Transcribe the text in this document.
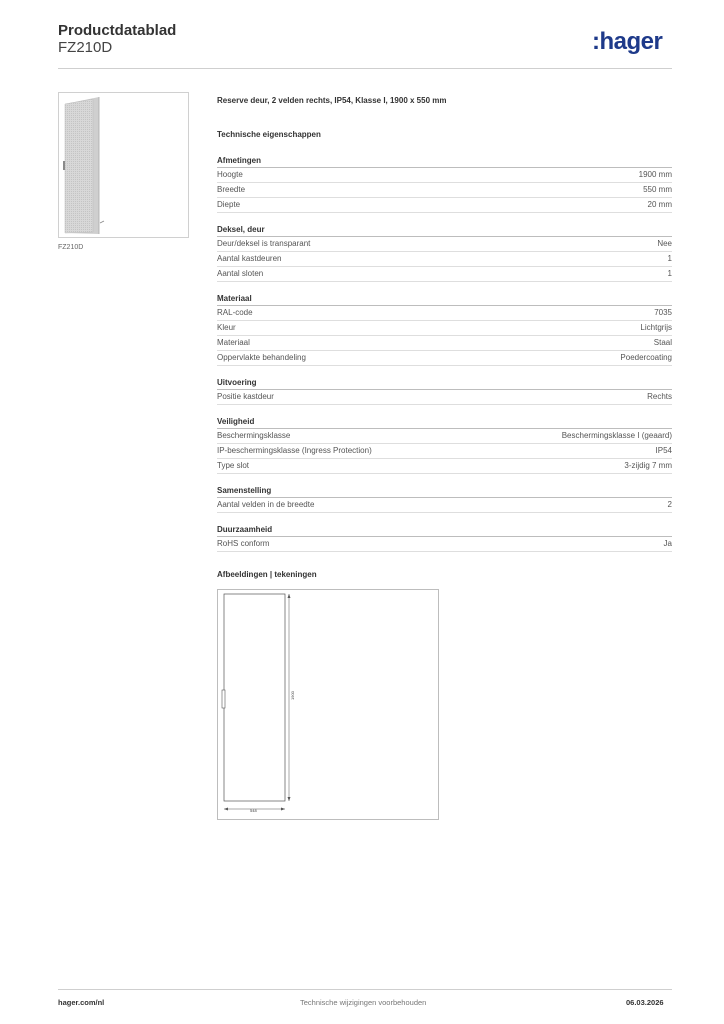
Productdatablad
FZ210D	:hager
FZ210D
Reserve deur, 2 velden rechts, IP54, Klasse I, 1900 x 550 mm
Technische eigenschappen
Afmetingen
Hoogte	1900 mm
Breedte	550 mm
Diepte	20 mm
Deksel, deur
Deur/deksel is transparant	Nee
Aantal kastdeuren	1
Aantal sloten	1
Materiaal
RAL-code	7035
Kleur	Lichtgrijs
Materiaal	Staal
Oppervlakte behandeling	Poedercoating
Uitvoering
Positie kastdeur	Rechts
Veiligheid
Beschermingsklasse	Beschermingsklasse I (geaard)
IP-beschermingsklasse (Ingress Protection)	IP54
Type slot	3-zijdig 7 mm
Samenstelling
Aantal velden in de breedte	2
Duurzaamheid
RoHS conform	Ja
Afbeeldingen | tekeningen
1900
548
hager.com/nl	Technische wijzigingen voorbehouden	06.03.2026
